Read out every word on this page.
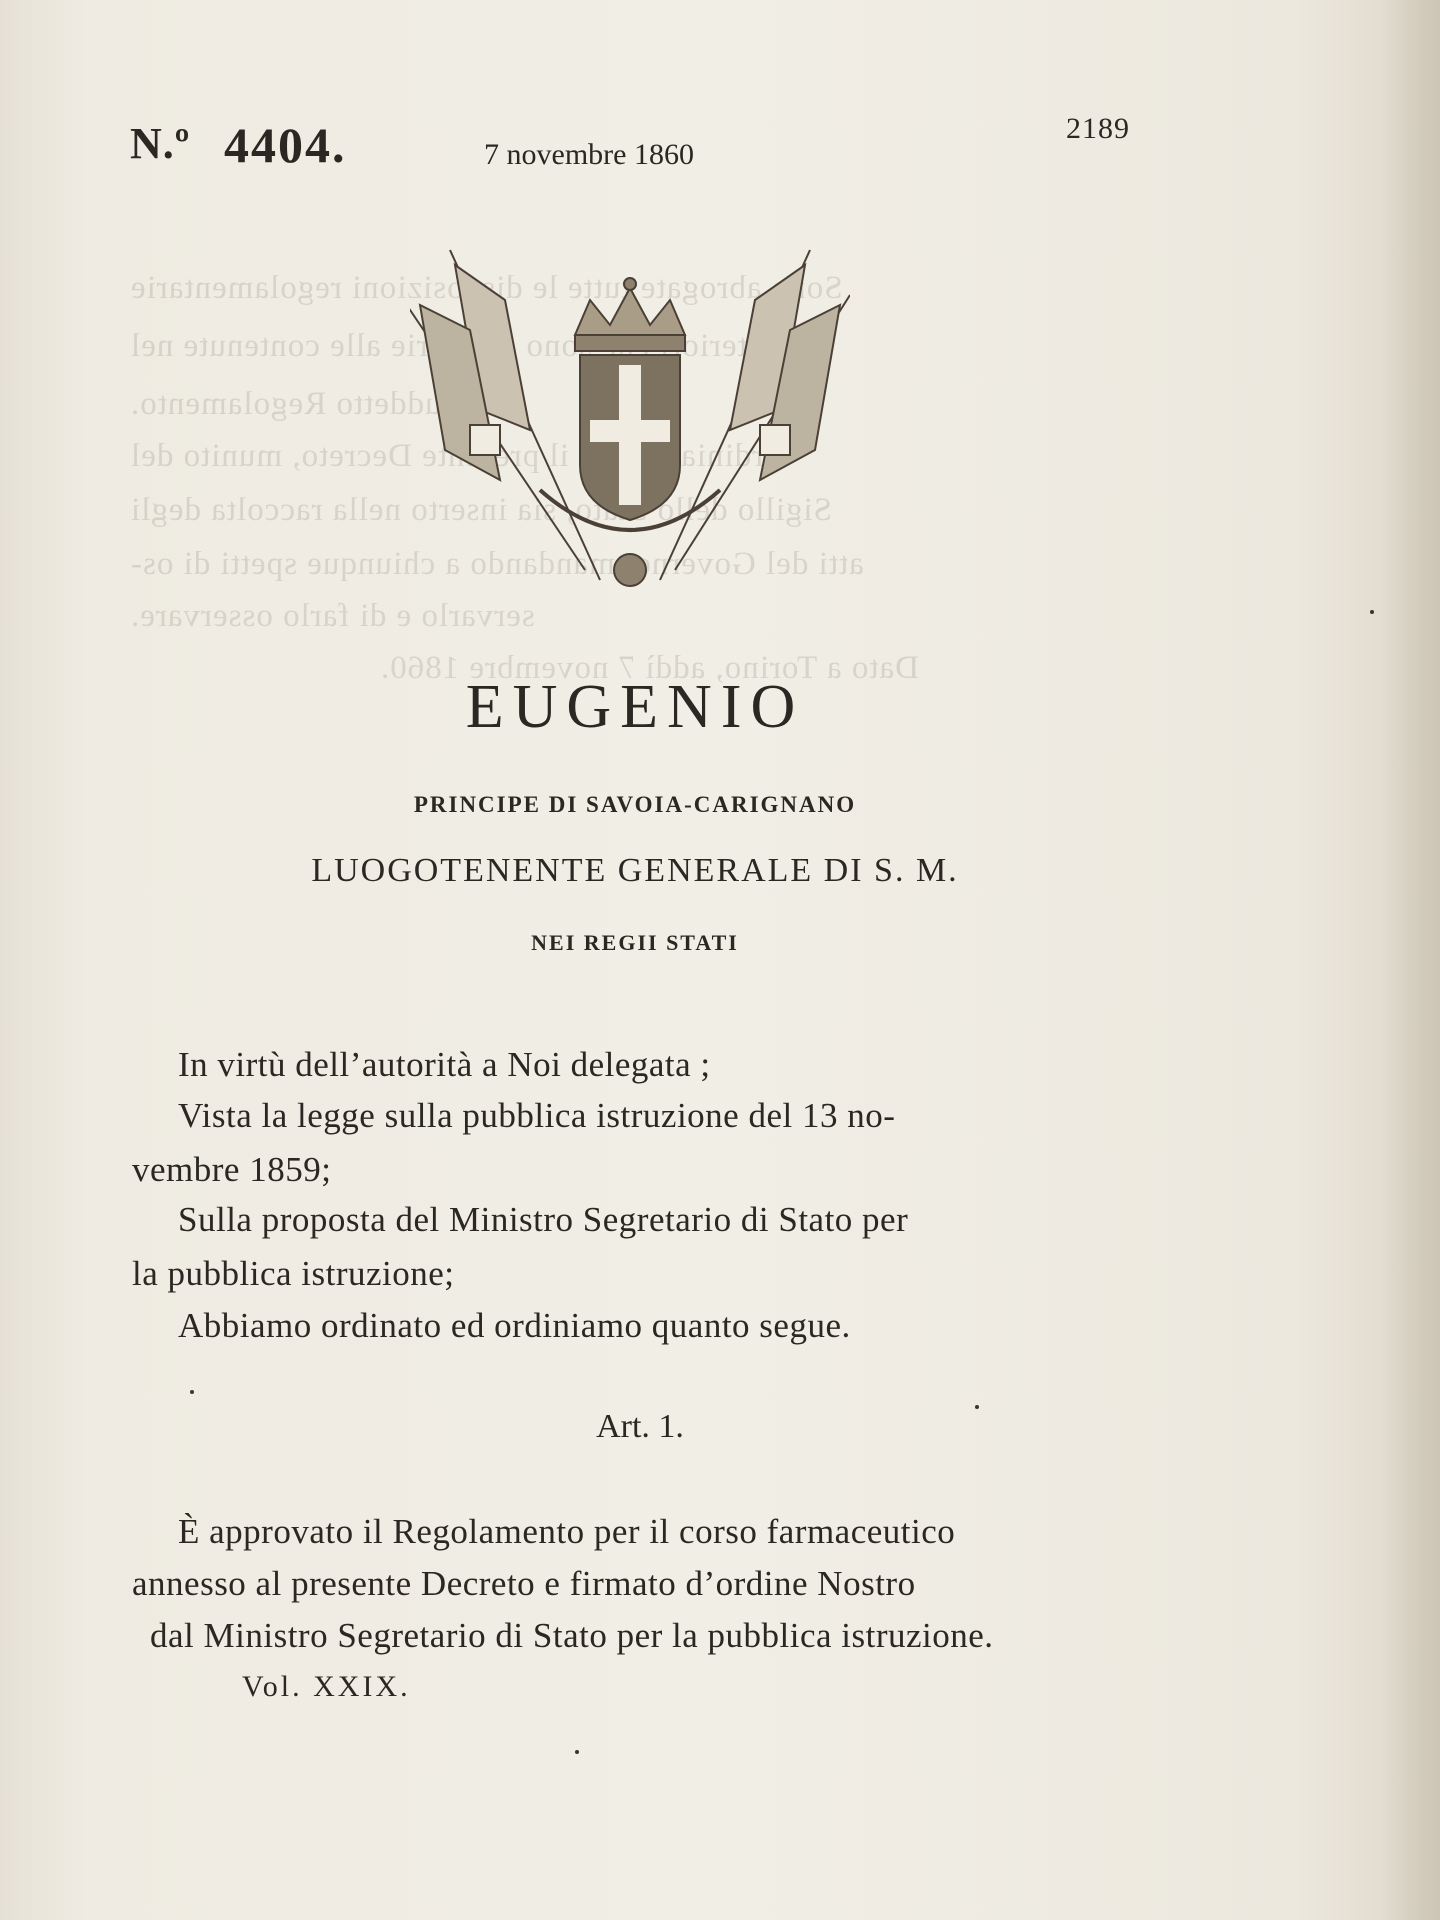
Sono abrogate tutte le disposizioni regolamentarie
anteriori sono alle contenute nel
suddetto Regolamento.
Ordiniamo il Decreto, munito del
Sigillo dello Stato, sia inserto nella raccolta degli
atti del Governo, mandando a chiunque spetti di os-
servarlo e di farlo osservare.
Dato a Torino, addì 7 novembre 1860.
N.º 4404.	7 novembre 1860
2189
EUGENIO
PRINCIPE DI SAVOIA-CARIGNANO
LUOGOTENENTE GENERALE DI S. M.
NEI REGII STATI
In virtù dell’autorità a Noi delegata ;
Vista la legge sulla pubblica istruzione del 13 no-
vembre 1859;
Sulla proposta del Ministro Segretario di Stato per
la pubblica istruzione;
Abbiamo ordinato ed ordiniamo quanto segue.
Art. 1.
È approvato il Regolamento per il corso farmaceutico
annesso al presente Decreto e firmato d’ordine Nostro
dal Ministro Segretario di Stato per la pubblica istruzione.
Vol. XXIX.
